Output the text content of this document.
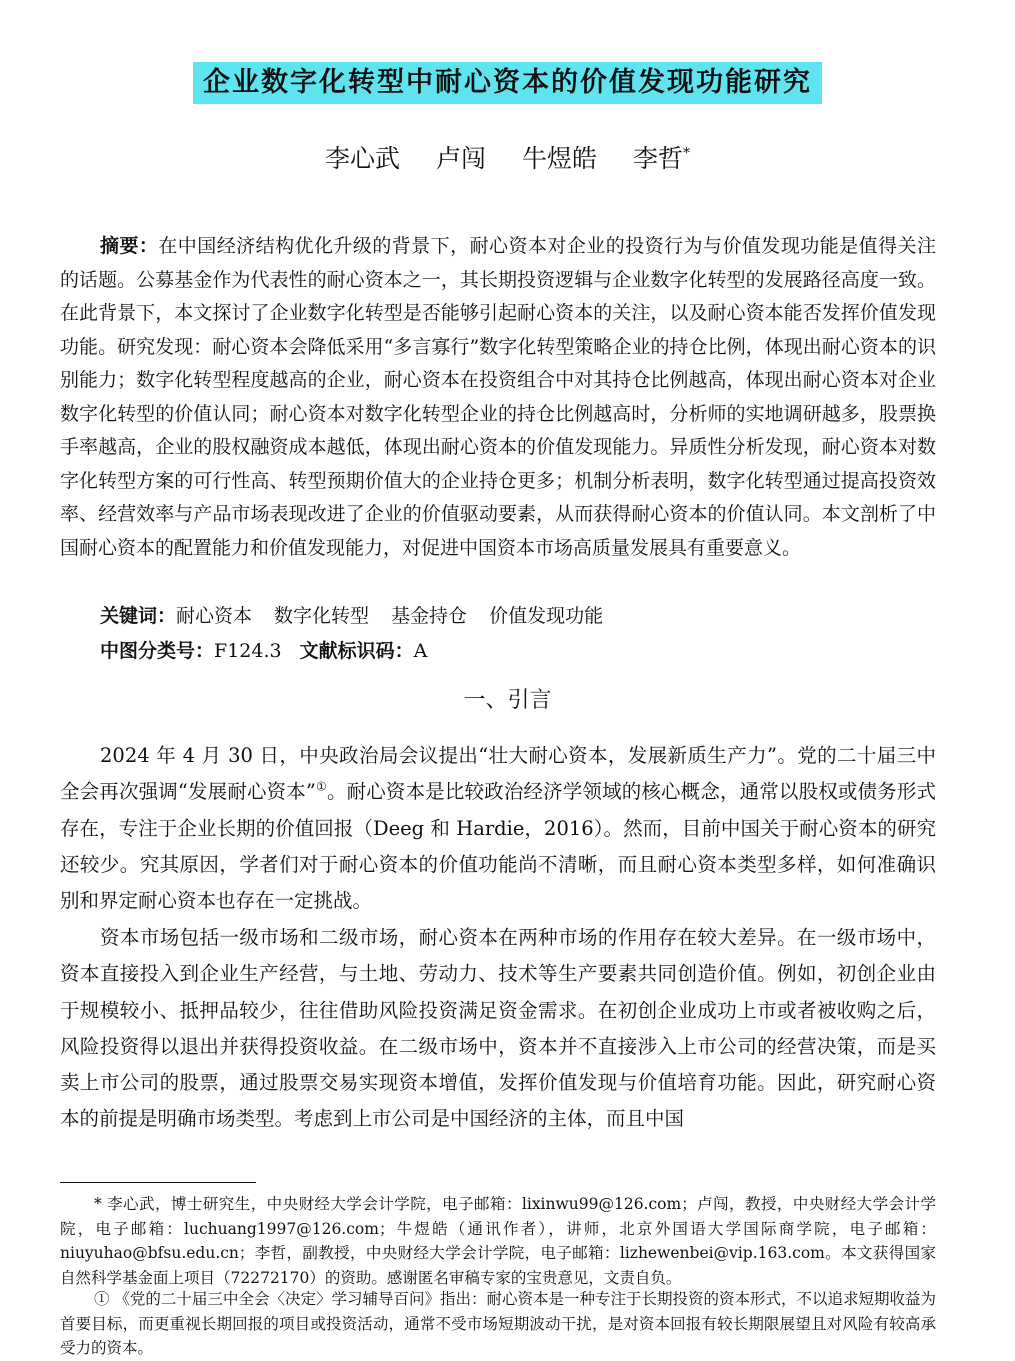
企业数字化转型中耐心资本的价值发现功能研究
李心武 卢闯 牛煜皓 李哲*

摘要：在中国经济结构优化升级的背景下，耐心资本对企业的投资行为与价值发现功能是值得关注的话题。公募基金作为代表性的耐心资本之一，其长期投资逻辑与企业数字化转型的发展路径高度一致。在此背景下，本文探讨了企业数字化转型是否能够引起耐心资本的关注，以及耐心资本能否发挥价值发现功能。研究发现：耐心资本会降低采用“多言寡行”数字化转型策略企业的持仓比例，体现出耐心资本的识别能力；数字化转型程度越高的企业，耐心资本在投资组合中对其持仓比例越高，体现出耐心资本对企业数字化转型的价值认同；耐心资本对数字化转型企业的持仓比例越高时，分析师的实地调研越多，股票换手率越高，企业的股权融资成本越低，体现出耐心资本的价值发现能力。异质性分析发现，耐心资本对数字化转型方案的可行性高、转型预期价值大的企业持仓更多；机制分析表明，数字化转型通过提高投资效率、经营效率与产品市场表现改进了企业的价值驱动要素，从而获得耐心资本的价值认同。本文剖析了中国耐心资本的配置能力和价值发现能力，对促进中国资本市场高质量发展具有重要意义。

关键词：耐心资本 数字化转型 基金持仓 价值发现功能
中图分类号：F124.3 文献标识码：A
一、引言

2024 年 4 月 30 日，中央政治局会议提出“壮大耐心资本，发展新质生产力”。党的二十届三中全会再次强调“发展耐心资本”①。耐心资本是比较政治经济学领域的核心概念，通常以股权或债务形式存在，专注于企业长期的价值回报（Deeg 和 Hardie，2016）。然而，目前中国关于耐心资本的研究还较少。究其原因，学者们对于耐心资本的价值功能尚不清晰，而且耐心资本类型多样，如何准确识别和界定耐心资本也存在一定挑战。

资本市场包括一级市场和二级市场，耐心资本在两种市场的作用存在较大差异。在一级市场中，资本直接投入到企业生产经营，与土地、劳动力、技术等生产要素共同创造价值。例如，初创企业由于规模较小、抵押品较少，往往借助风险投资满足资金需求。在初创企业成功上市或者被收购之后，风险投资得以退出并获得投资收益。在二级市场中，资本并不直接涉入上市公司的经营决策，而是买卖上市公司的股票，通过股票交易实现资本增值，发挥价值发现与价值培育功能。因此，研究耐心资本的前提是明确市场类型。考虑到上市公司是中国经济的主体，而且中国

* 李心武，博士研究生，中央财经大学会计学院，电子邮箱：lixinwu99@126.com；卢闯，教授，中央财经大学会计学院，电子邮箱：luchuang1997@126.com；牛煜皓（通讯作者），讲师，北京外国语大学国际商学院，电子邮箱：niuyuhao@bfsu.edu.cn；李哲，副教授，中央财经大学会计学院，电子邮箱：lizhewenbei@vip.163.com。本文获得国家自然科学基金面上项目（72272170）的资助。感谢匿名审稿专家的宝贵意见，文责自负。

① 《党的二十届三中全会〈决定〉学习辅导百问》指出：耐心资本是一种专注于长期投资的资本形式，不以追求短期收益为首要目标，而更重视长期回报的项目或投资活动，通常不受市场短期波动干扰，是对资本回报有较长期限展望且对风险有较高承受力的资本。
